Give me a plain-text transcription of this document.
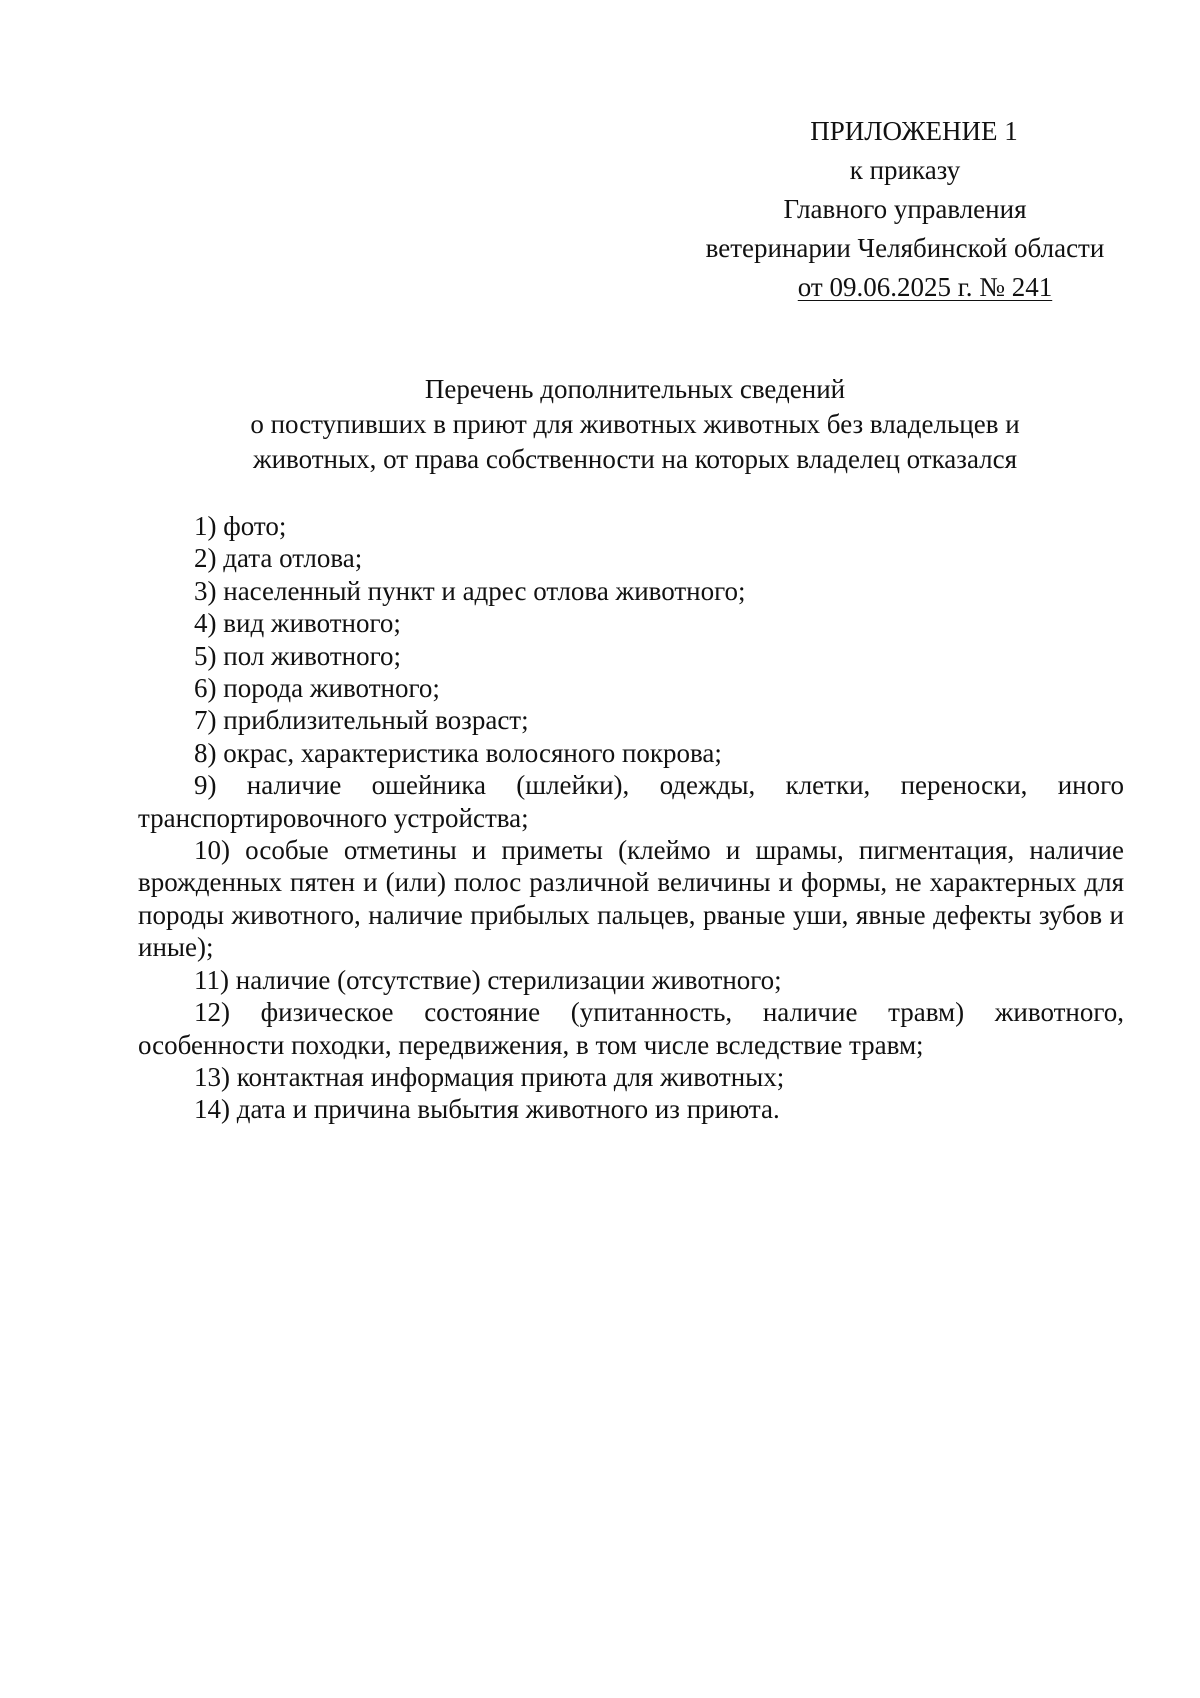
ПРИЛОЖЕНИЕ 1
к приказу
Главного управления
ветеринарии Челябинской области
от 09.06.2025 г. № 241
Перечень дополнительных сведений
о поступивших в приют для животных животных без владельцев и
животных, от права собственности на которых владелец отказался

1) фото;

2) дата отлова;

3) населенный пункт и адрес отлова животного;

4) вид животного;

5) пол животного;

6) порода животного;

7) приблизительный возраст;

8) окрас, характеристика волосяного покрова;

9) наличие ошейника (шлейки), одежды, клетки, переноски, иного транспортировочного устройства;

10) особые отметины и приметы (клеймо и шрамы, пигментация, наличие врожденных пятен и (или) полос различной величины и формы, не характерных для породы животного, наличие прибылых пальцев, рваные уши, явные дефекты зубов и иные);

11) наличие (отсутствие) стерилизации животного;

12) физическое состояние (упитанность, наличие травм) животного, особенности походки, передвижения, в том числе вследствие травм;

13) контактная информация приюта для животных;

14) дата и причина выбытия животного из приюта.
